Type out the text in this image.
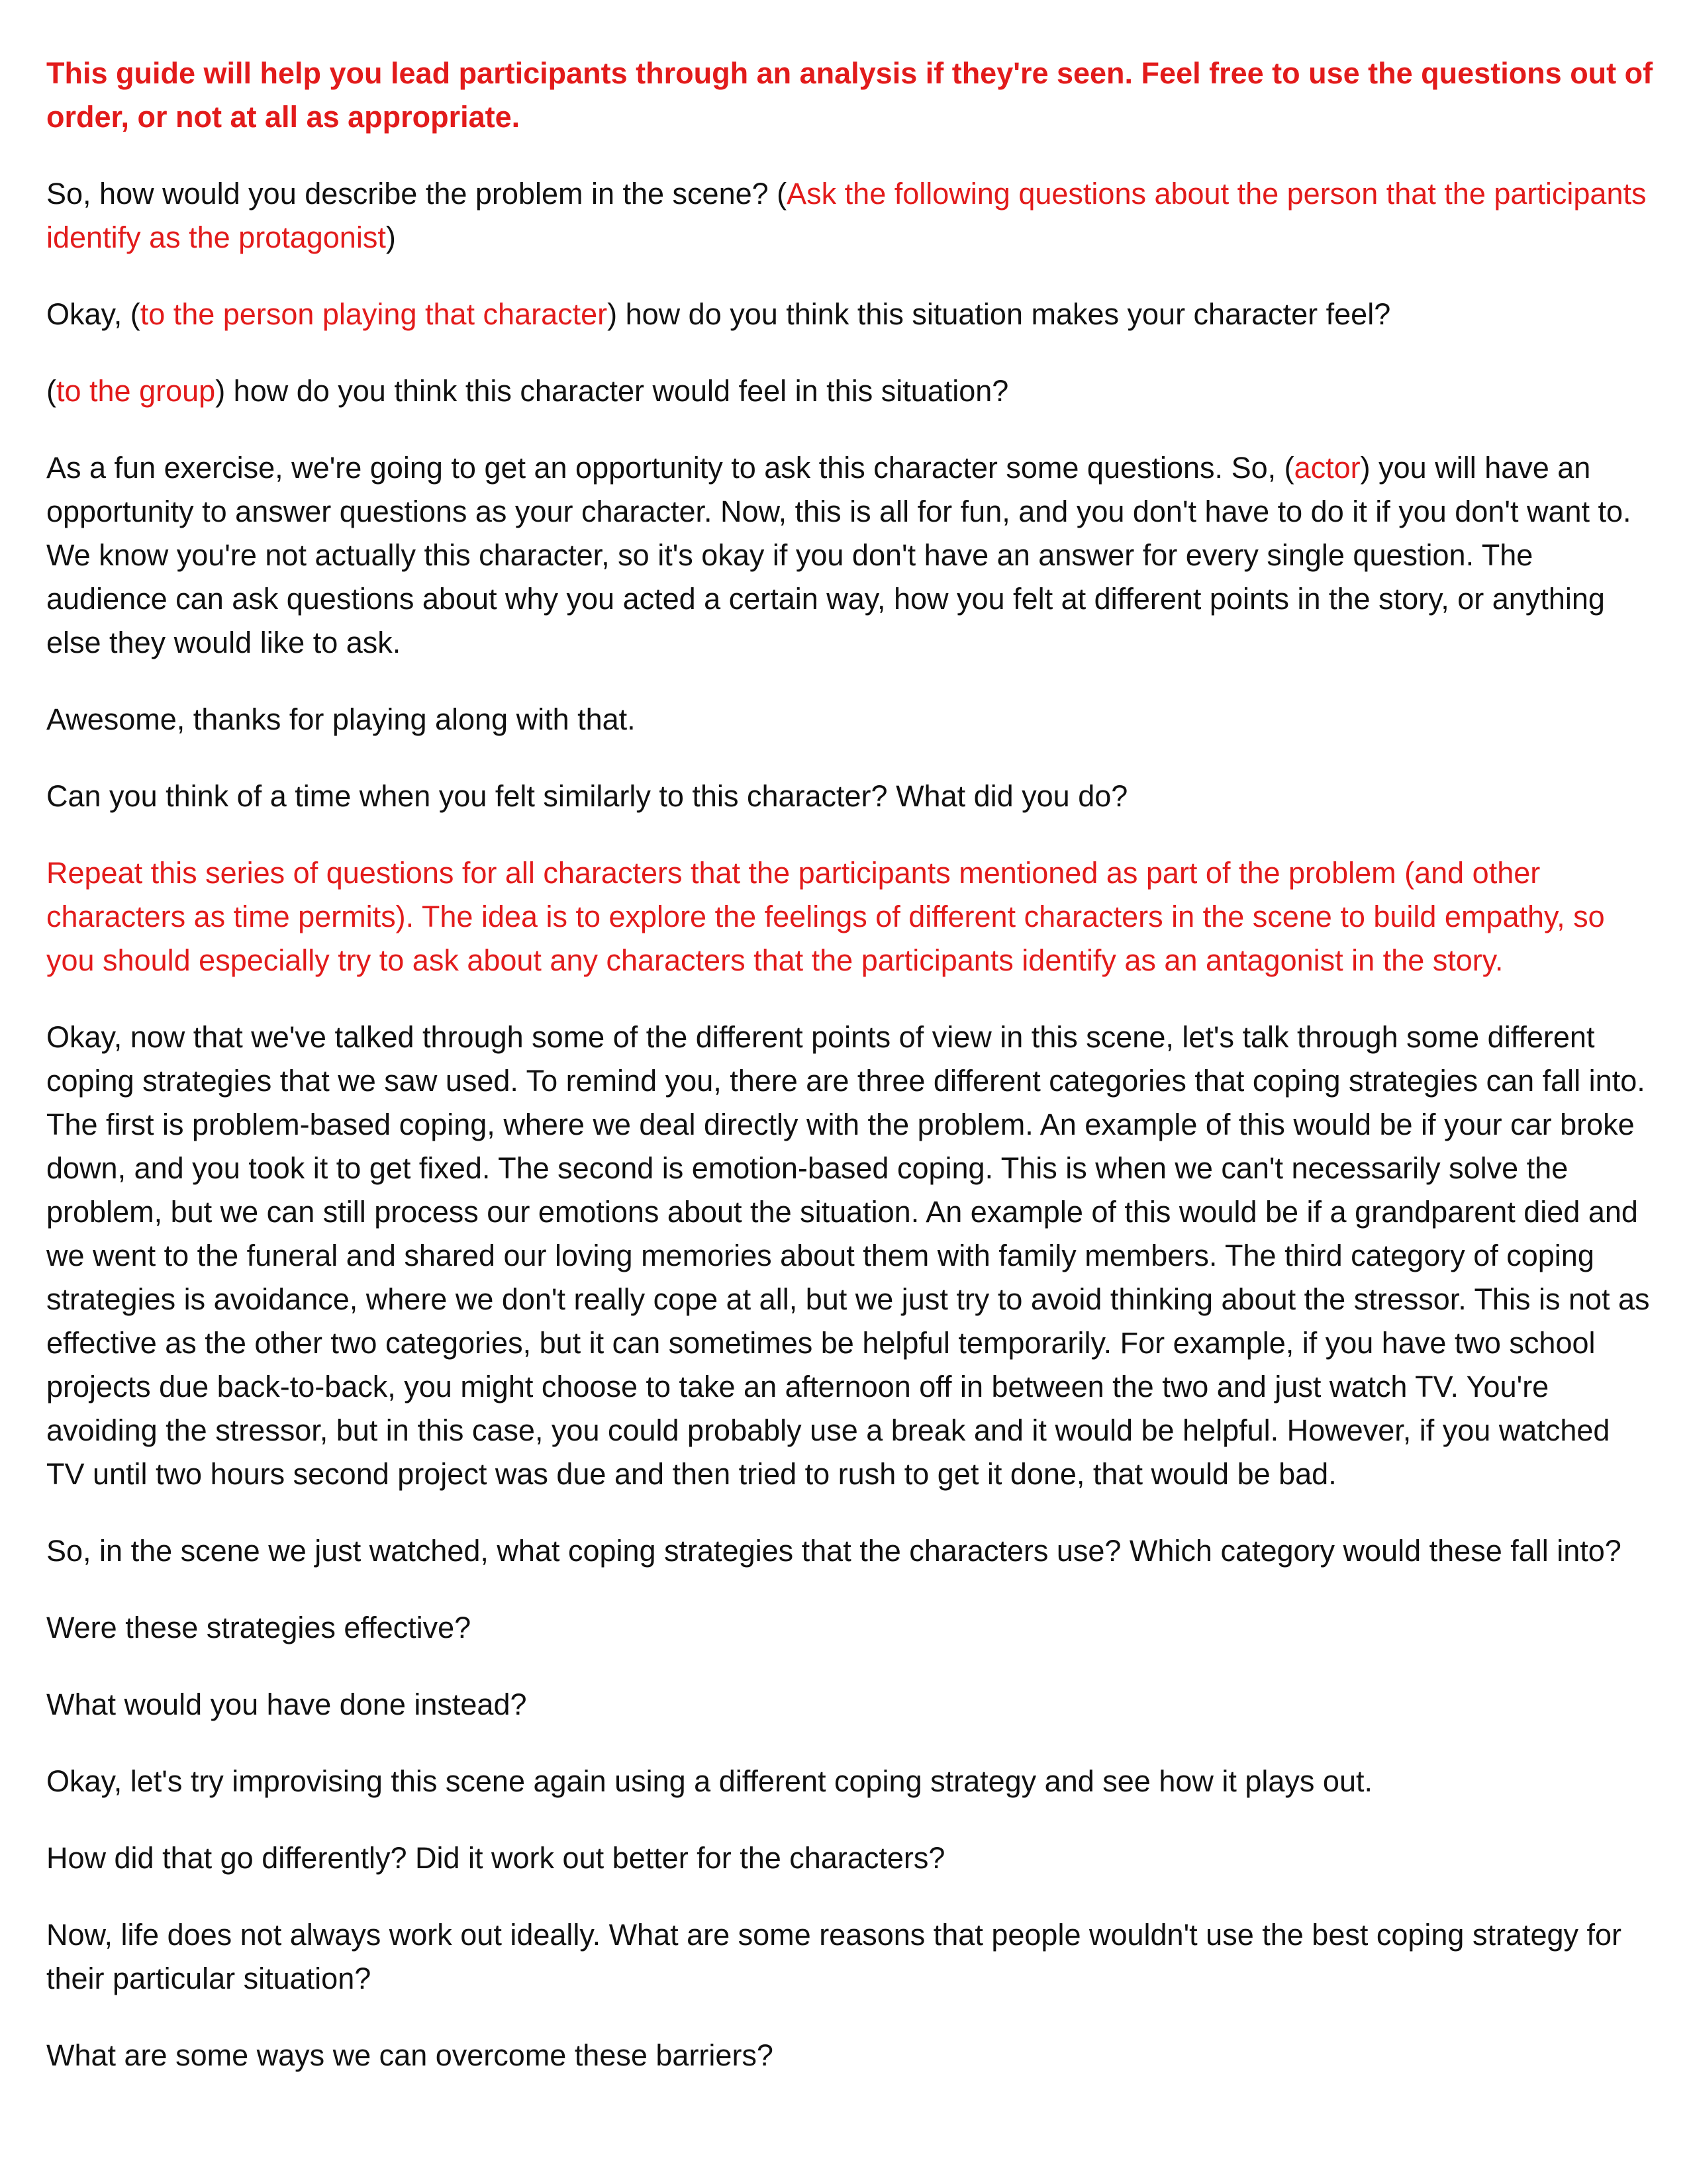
This guide will help you lead participants through an analysis if they're seen. Feel free to use the questions out of order, or not at all as appropriate.

So, how would you describe the problem in the scene? (Ask the following questions about the person that the participants identify as the protagonist)

Okay, (to the person playing that character) how do you think this situation makes your character feel?

(to the group) how do you think this character would feel in this situation?

As a fun exercise, we're going to get an opportunity to ask this character some questions. So, (actor) you will have an opportunity to answer questions as your character. Now, this is all for fun, and you don't have to do it if you don't want to. We know you're not actually this character, so it's okay if you don't have an answer for every single question. The audience can ask questions about why you acted a certain way, how you felt at different points in the story, or anything else they would like to ask.

Awesome, thanks for playing along with that.

Can you think of a time when you felt similarly to this character? What did you do?

Repeat this series of questions for all characters that the participants mentioned as part of the problem (and other characters as time permits). The idea is to explore the feelings of different characters in the scene to build empathy, so you should especially try to ask about any characters that the participants identify as an antagonist in the story.

Okay, now that we've talked through some of the different points of view in this scene, let's talk through some different coping strategies that we saw used. To remind you, there are three different categories that coping strategies can fall into. The first is problem-based coping, where we deal directly with the problem. An example of this would be if your car broke down, and you took it to get fixed. The second is emotion-based coping. This is when we can't necessarily solve the problem, but we can still process our emotions about the situation. An example of this would be if a grandparent died and we went to the funeral and shared our loving memories about them with family members. The third category of coping strategies is avoidance, where we don't really cope at all, but we just try to avoid thinking about the stressor. This is not as effective as the other two categories, but it can sometimes be helpful temporarily. For example, if you have two school projects due back-to-back, you might choose to take an afternoon off in between the two and just watch TV. You're avoiding the stressor, but in this case, you could probably use a break and it would be helpful. However, if you watched TV until two hours second project was due and then tried to rush to get it done, that would be bad.

So, in the scene we just watched, what coping strategies that the characters use? Which category would these fall into?

Were these strategies effective?

What would you have done instead?

Okay, let's try improvising this scene again using a different coping strategy and see how it plays out.

How did that go differently? Did it work out better for the characters?

Now, life does not always work out ideally. What are some reasons that people wouldn't use the best coping strategy for their particular situation?

What are some ways we can overcome these barriers?
